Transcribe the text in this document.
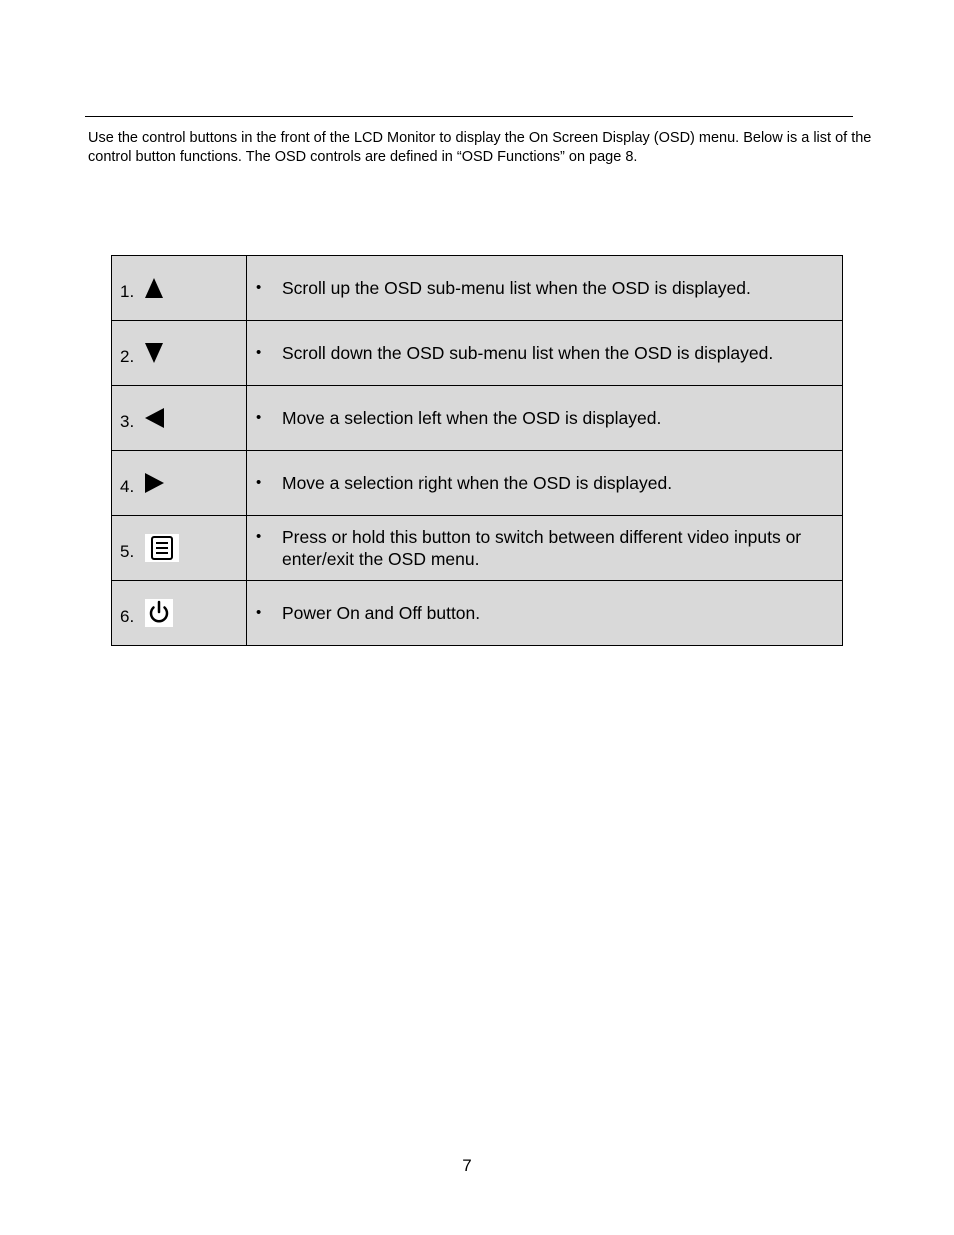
Use the control buttons in the front of the LCD Monitor to display the On Screen Display (OSD) menu. Below is a list of the control button functions. The OSD controls are defined in “OSD Functions” on page 8.

1.	• Scroll up the OSD sub-menu list when the OSD is displayed.

2.	• Scroll down the OSD sub-menu list when the OSD is displayed.

3.	• Move a selection left when the OSD is displayed.

4.	• Move a selection right when the OSD is displayed.

5.	• Press or hold this button to switch between different video inputs or enter/exit the OSD menu.

6.	• Power On and Off button.
7
